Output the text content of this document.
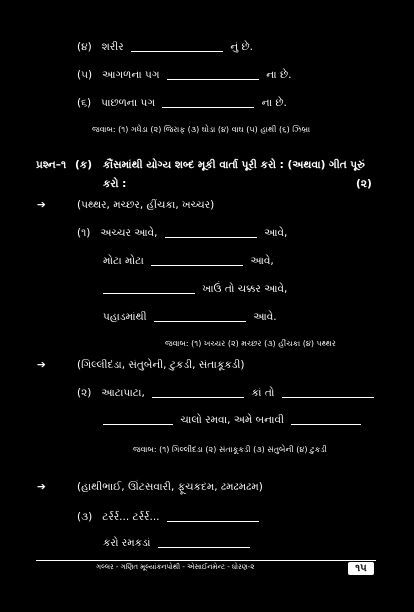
(૪) શરીર	નું છે.
(૫) આગળના પગ	ના છે.
(૬) પાછળના પગ	ના છે.
જવાબ: (૧) ગધેડા (૨) જિરાફ (૩) ઘોડા (૪) વાઘ (૫) હાથી (૬) ઝિબ્રા
પ્રશ્ન–૧ (ક) કૌંસમાંથી યોગ્ય શબ્દ મૂકી વાર્તા પૂરી કરો : (અથવા) ગીત પૂરું
કરો :	(૨)
➔	(પથ્થર, મચ્છર, હીંચકા, ખચ્ચર)
(૧) અચ્ચર આવે,	આવે,
મોટા મોટા	આવે,
ખાઉં તો ચક્કર આવે,
પહાડમાંથી	આવે.
જવાબ: (૧) ખચ્ચર (૨) મચ્છર (૩) હીંચકા (૪) પથ્થર
➔	(ગિલ્લીદંડા, સંતુબેની, ટુકડી, સંતાકૂકડી)
(૨) આટાપાટા,	કાં તો
ચાલો રમવા, અમે બનાવી
જવાબ: (૧) ગિલ્લીદંડા (૨) સંતાકૂકડી (૩) સંતુબેની (૪) ટુકડી
➔	(હાથીભાઈ, ઊંટસવારી, ફૂચકદમ, ઢમઢમઢમ)
(૩) ટર્રર્ર... ટર્રર્ર...
કરો રમકડાં
ગલ્લર - ગણિત મૂલ્યાંકનપોથી - એસાઈનમેન્ટ - ધોરણ-૨	૧૫
